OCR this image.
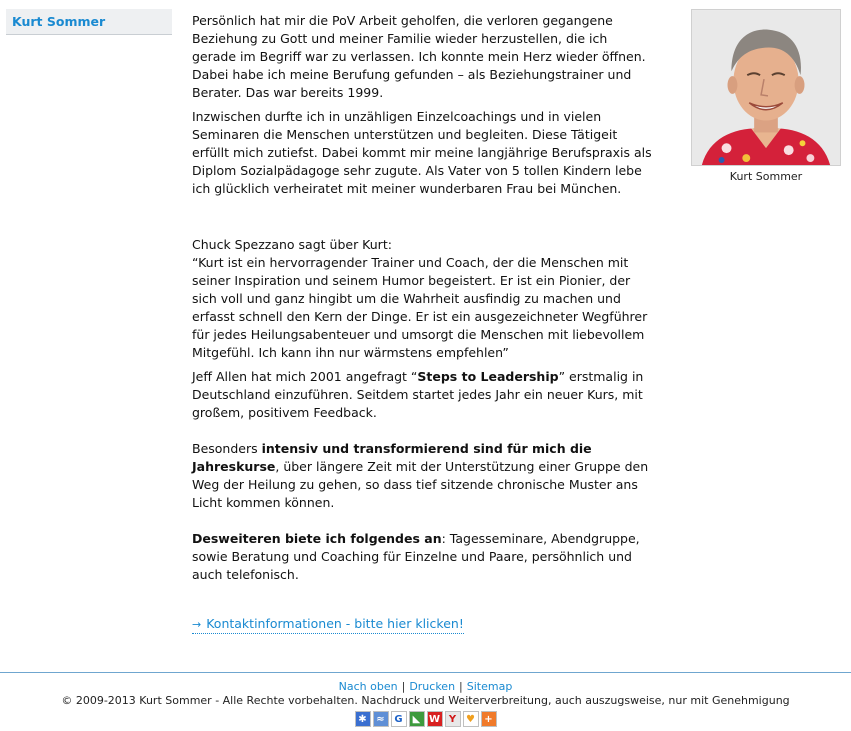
Kurt Sommer	Persönlich hat mir die PoV Arbeit geholfen, die verloren gegangene Beziehung zu Gott und meiner Familie wieder herzustellen, die ich gerade im Begriff war zu verlassen. Ich konnte mein Herz wieder öffnen. Dabei habe ich meine Berufung gefunden – als Beziehungstrainer und Berater. Das war bereits 1999.

Inzwischen durfte ich in unzähligen Einzelcoachings und in vielen Seminaren die Menschen unterstützen und begleiten. Diese Tätigeit erfüllt mich zutiefst. Dabei kommt mir meine langjährige Berufspraxis als Diplom Sozialpädagoge sehr zugute. Als Vater von 5 tollen Kindern lebe ich glücklich verheiratet mit meiner wunderbaren Frau bei München.

Chuck Spezzano sagt über Kurt:
“Kurt ist ein hervorragender Trainer und Coach, der die Menschen mit seiner Inspiration und seinem Humor begeistert. Er ist ein Pionier, der sich voll und ganz hingibt um die Wahrheit ausfindig zu machen und erfasst schnell den Kern der Dinge. Er ist ein ausgezeichneter Wegführer für jedes Heilungsabenteuer und umsorgt die Menschen mit liebevollem Mitgefühl. Ich kann ihn nur wärmstens empfehlen”

Jeff Allen hat mich 2001 angefragt “Steps to Leadership” erstmalig in Deutschland einzuführen. Seitdem startet jedes Jahr ein neuer Kurs, mit großem, positivem Feedback.

Besonders intensiv und transformierend sind für mich die Jahreskurse, über längere Zeit mit der Unterstützung einer Gruppe den Weg der Heilung zu gehen, so dass tief sitzende chronische Muster ans Licht kommen können.

Desweiteren biete ich folgendes an: Tagesseminare, Abendgruppe, sowie Beratung und Coaching für Einzelne und Paare, persöhnlich und auch telefonisch.

→ Kontaktinformationen - bitte hier klicken!
Kurt Sommer
Nach oben | Drucken | Sitemap
© 2009-2013 Kurt Sommer - Alle Rechte vorbehalten. Nachdruck und Weiterverbreitung, auch auszugsweise, nur mit Genehmigung
✱ ≈ G	◣ W Y ♥ +
